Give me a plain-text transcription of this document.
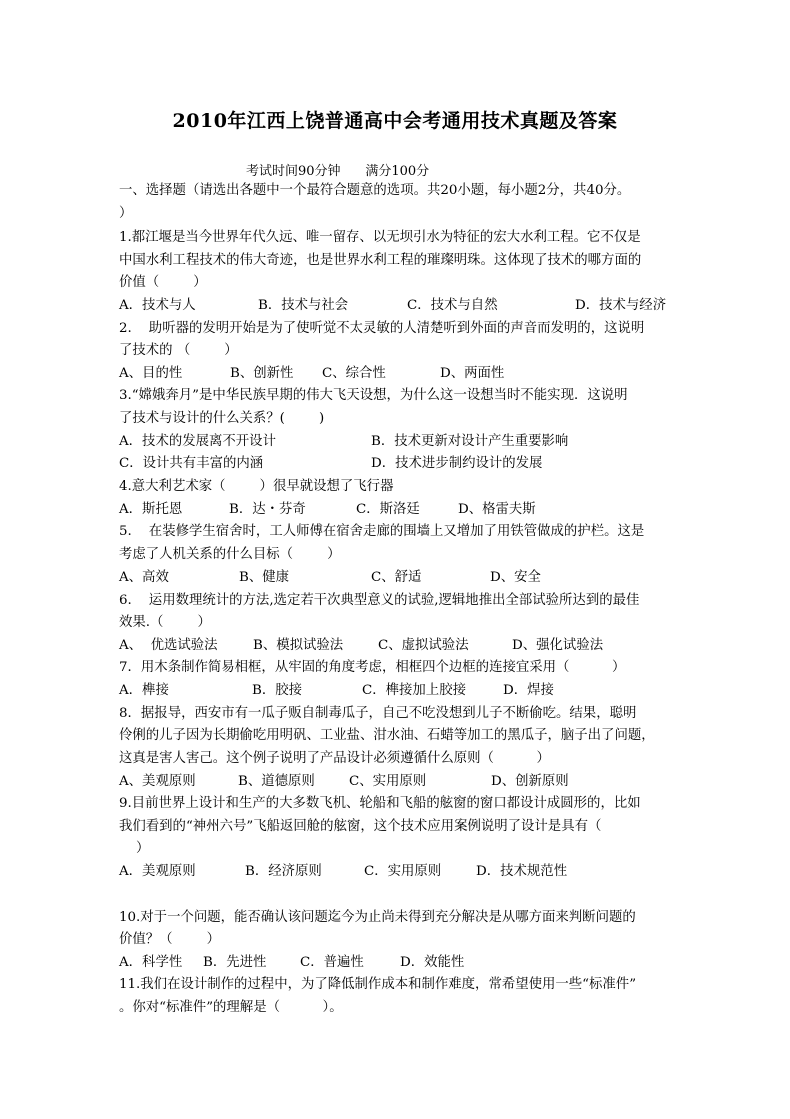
2010年江西上饶普通高中会考通用技术真题及答案
考试时间90分钟 满分100分
一、选择题（请选出各题中一个最符合题意的选项。共20小题，每小题2分，共40分。
）
1.都江堰是当今世界年代久远、唯一留存、以无坝引水为特征的宏大水利工程。它不仅是
中国水利工程技术的伟大奇迹，也是世界水利工程的璀璨明珠。这体现了技术的哪方面的
价值（        ）
A．技术与人	B．技术与社会	C．技术与自然	D．技术与经济
2.    助听器的发明开始是为了使听觉不太灵敏的人清楚听到外面的声音而发明的，这说明
了技术的 （        ）
A、目的性	B、创新性 C、综合性	D、两面性
3.“嫦娥奔月”是中华民族早期的伟大飞天设想，为什么这一设想当时不能实现．这说明
了技术与设计的什么关系？(        )
A．技术的发展离不开设计	B．技术更新对设计产生重要影响
C．设计共有丰富的内涵	D．技术进步制约设计的发展
4.意大利艺术家（        ）很早就设想了飞行器
A．斯托恩	B．达・芬奇	C．斯洛廷	D、格雷夫斯
5.    在装修学生宿舍时，工人师傅在宿舍走廊的围墙上又增加了用铁管做成的护栏。这是
考虑了人机关系的什么目标（        ）
A、高效	B、健康	C、舒适	D、安全
6.    运用数理统计的方法,选定若干次典型意义的试验,逻辑地推出全部试验所达到的最佳
效果.（        ）
A、  优选试验法	B、模拟试验法	C、虚拟试验法	D、强化试验法
7．用木条制作简易相框，从牢固的角度考虑，相框四个边框的连接宜采用（          ）
A．榫接	B．胶接	C．榫接加上胶接	D．焊接
8．据报导，西安市有一瓜子贩自制毒瓜子，自己不吃没想到儿子不断偷吃。结果，聪明
伶俐的儿子因为长期偷吃用明矾、工业盐、泔水油、石蜡等加工的黑瓜子，脑子出了问题，
这真是害人害己。这个例子说明了产品设计必须遵循什么原则（          ）
A、美观原则	B、道德原则	C、实用原则	D、创新原则
9.目前世界上设计和生产的大多数飞机、轮船和飞船的舷窗的窗口都设计成圆形的，比如
我们看到的“神州六号”飞船返回舱的舷窗，这个技术应用案例说明了设计是具有（
）
A．美观原则	B．经济原则	C．实用原则	D．技术规范性
10.对于一个问题，能否确认该问题迄今为止尚未得到充分解决是从哪方面来判断问题的
价值？（        ）
A．科学性 B．先进性	C．普遍性	D．效能性
11.我们在设计制作的过程中，为了降低制作成本和制作难度，常希望使用一些“标准件”
。你对“标准件”的理解是（          ）。
